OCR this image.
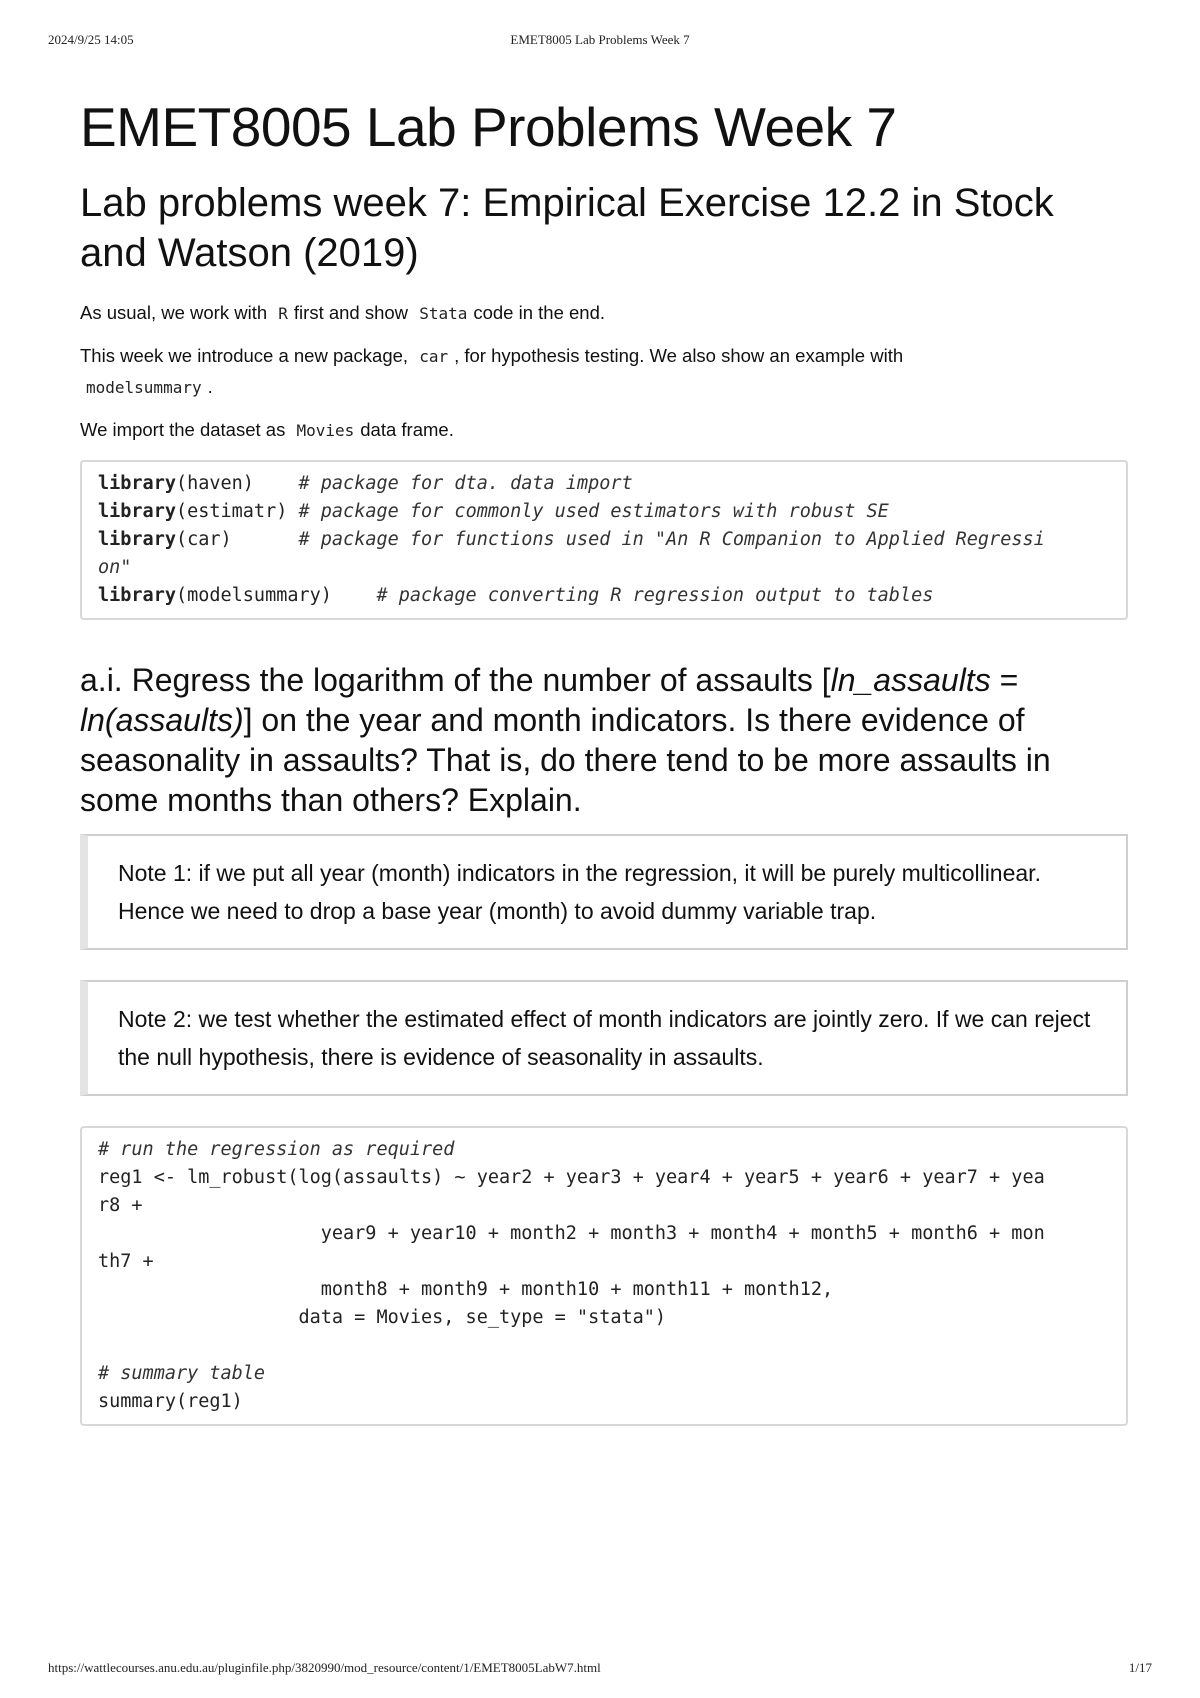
2024/9/25 14:05	EMET8005 Lab Problems Week 7
EMET8005 Lab Problems Week 7
Lab problems week 7: Empirical Exercise 12.2 in Stock and Watson (2019)

As usual, we work with R first and show Stata code in the end.

This week we introduce a new package, car , for hypothesis testing. We also show an example with
modelsummary .

We import the dataset as Movies data frame.

library(haven)    # package for dta. data import
library(estimatr) # package for commonly used estimators with robust SE
library(car)      # package for functions used in "An R Companion to Applied Regressi
on"
library(modelsummary)    # package converting R regression output to tables
a.i. Regress the logarithm of the number of assaults [ln_assaults = ln(assaults)] on the year and month indicators. Is there evidence of seasonality in assaults? That is, do there tend to be more assaults in some months than others? Explain.
Note 1: if we put all year (month) indicators in the regression, it will be purely multicollinear. Hence we need to drop a base year (month) to avoid dummy variable trap.
Note 2: we test whether the estimated effect of month indicators are jointly zero. If we can reject the null hypothesis, there is evidence of seasonality in assaults.
# run the regression as required
reg1 <- lm_robust(log(assaults) ~ year2 + year3 + year4 + year5 + year6 + year7 + yea
r8 +
year9 + year10 + month2 + month3 + month4 + month5 + month6 + mon
th7 +
month8 + month9 + month10 + month11 + month12,
data = Movies, se_type = "stata")

# summary table
summary(reg1)
https://wattlecourses.anu.edu.au/pluginfile.php/3820990/mod_resource/content/1/EMET8005LabW7.html	1/17
